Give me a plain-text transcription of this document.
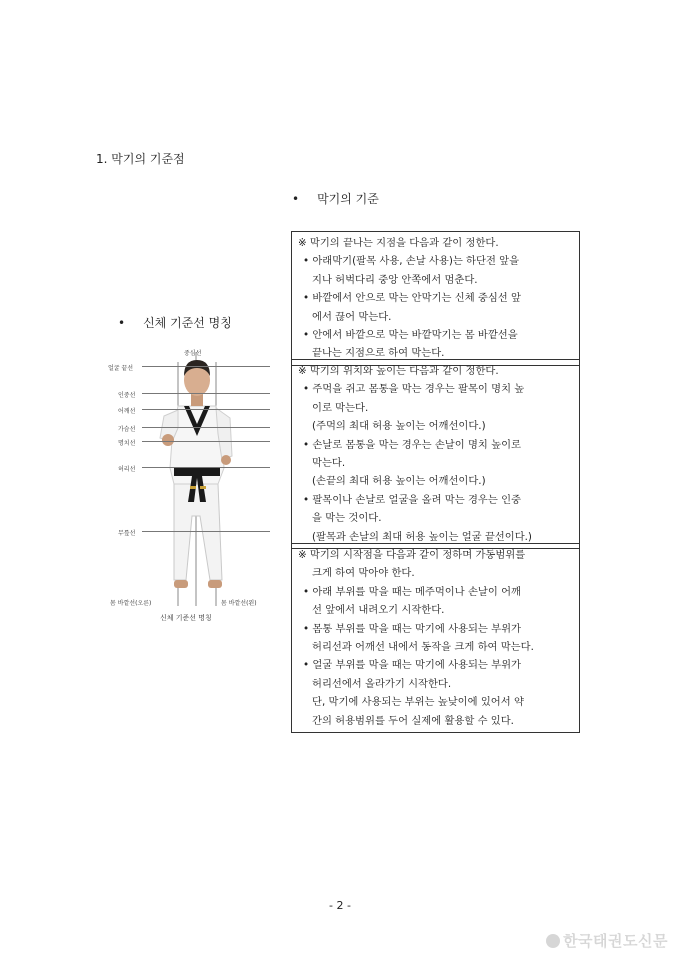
1. 막기의 기준점
• 막기의 기준
• 신체 기준선 명칭

※ 막기의 끝나는 지점을 다음과 같이 정한다.

• 아래막기(팔목 사용, 손날 사용)는 하단전 앞을

지나 허벅다리 중앙 안쪽에서 멈춘다.

• 바깥에서 안으로 막는 안막기는 신체 중심선 앞

에서 끊어 막는다.

• 안에서 바깥으로 막는 바깥막기는 몸 바깥선을

끝나는 지점으로 하여 막는다.

※ 막기의 위치와 높이는 다음과 같이 정한다.

• 주먹을 쥐고 몸통을 막는 경우는 팔목이 명치 높

이로 막는다.

(주먹의 최대 허용 높이는 어깨선이다.)

• 손날로 몸통을 막는 경우는 손날이 명치 높이로

막는다.

(손끝의 최대 허용 높이는 어깨선이다.)

• 팔목이나 손날로 얼굴을 올려 막는 경우는 인중

을 막는 것이다.

(팔목과 손날의 최대 허용 높이는 얼굴 끝선이다.)

※ 막기의 시작점을 다음과 같이 정하며 가동범위를

크게 하여 막아야 한다.

• 아래 부위를 막을 때는 메주먹이나 손날이 어깨

선 앞에서 내려오기 시작한다.

• 몸통 부위를 막을 때는 막기에 사용되는 부위가

허리선과 어깨선 내에서 동작을 크게 하여 막는다.

• 얼굴 부위를 막을 때는 막기에 사용되는 부위가

허리선에서 올라가기 시작한다.

단, 막기에 사용되는 부위는 높낮이에 있어서 약

간의 허용범위를 두어 실제에 활용할 수 있다.

중심선
얼굴 끝선
인중선
어깨선
가슴선
명치선
허리선
무릎선
몸 바깥선(오른)	몸 바깥선(왼)
신체 기준선 명칭
- 2 -
한국태권도신문
